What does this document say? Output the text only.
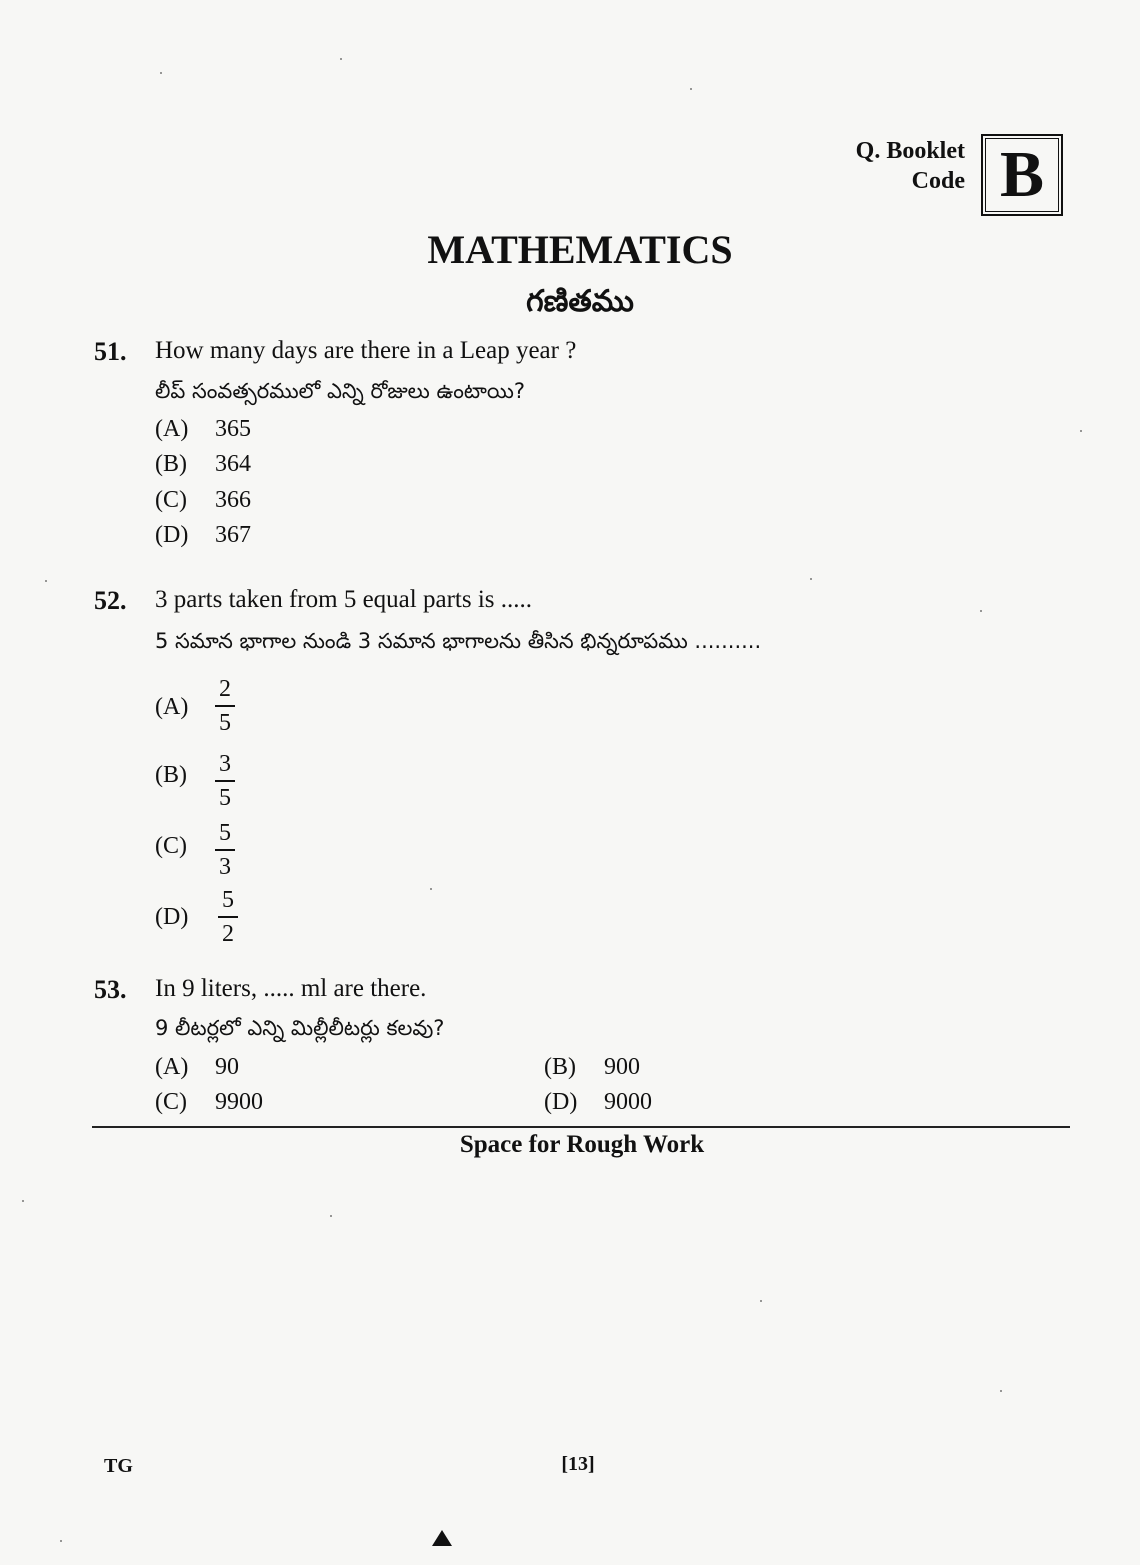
Q. Booklet
Code B
MATHEMATICS
గణితము
51. How many days are there in a Leap year ?
లీప్ సంవత్సరములో ఎన్ని రోజులు ఉంటాయి?
(A) 365
(B) 364
(C) 366
(D) 367
52. 3 parts taken from 5 equal parts is .....
5 సమాన భాగాల నుండి 3 సమాన భాగాలను తీసిన భిన్నరూపము ..........
(A)
2
5
(B) 3
5
(C) 5
3
(D)
5
2
53. In 9 liters, ..... ml are there.
9 లీటర్లలో ఎన్ని మిల్లీలీటర్లు కలవు?
(A) 90	(B) 900
(C) 9900	(D) 9000
Space for Rough Work
TG	[13]
